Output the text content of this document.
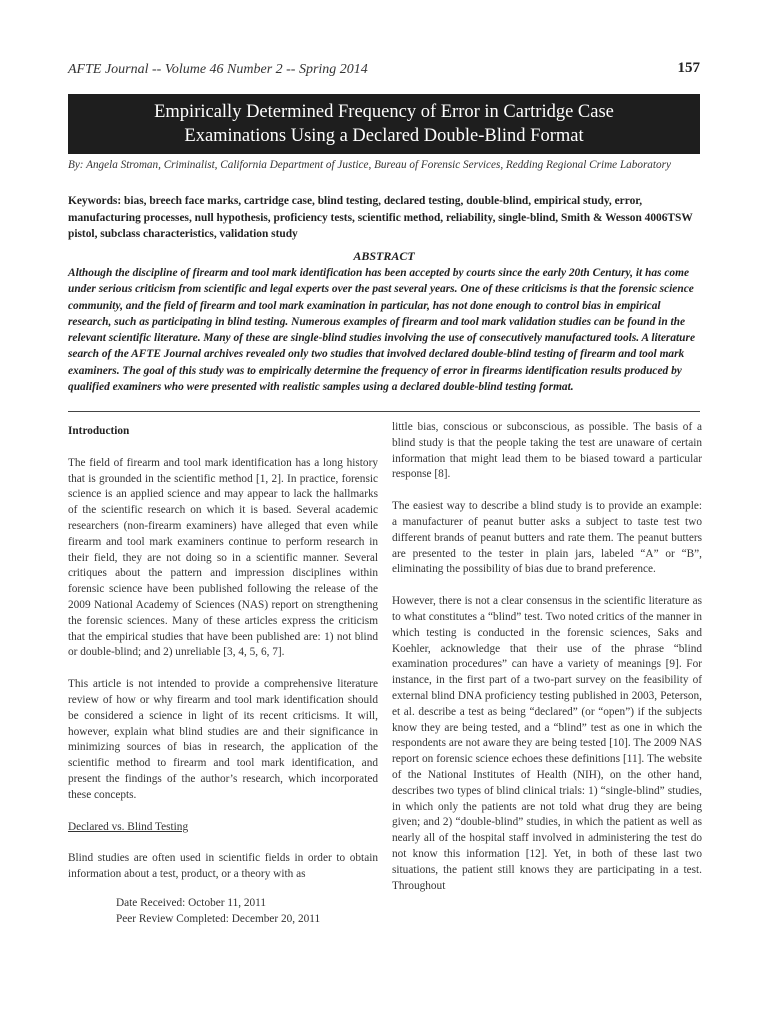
AFTE Journal -- Volume 46 Number 2 -- Spring 2014	157
Empirically Determined Frequency of Error in Cartridge Case
Examinations Using a Declared Double-Blind Format
By: Angela Stroman, Criminalist, California Department of Justice, Bureau of Forensic Services, Redding Regional Crime Laboratory
Keywords: bias, breech face marks, cartridge case, blind testing, declared testing, double-blind, empirical study, error, manufacturing processes, null hypothesis, proficiency tests, scientific method, reliability, single-blind, Smith & Wesson 4006TSW pistol, subclass characteristics, validation study
ABSTRACT
Although the discipline of firearm and tool mark identification has been accepted by courts since the early 20th Century, it has come under serious criticism from scientific and legal experts over the past several years. One of these criticisms is that the forensic science community, and the field of firearm and tool mark examination in particular, has not done enough to control bias in empirical research, such as participating in blind testing. Numerous examples of firearm and tool mark validation studies can be found in the relevant scientific literature. Many of these are single-blind studies involving the use of consecutively manufactured tools. A literature search of the AFTE Journal archives revealed only two studies that involved declared double-blind testing of firearm and tool mark examiners. The goal of this study was to empirically determine the frequency of error in firearms identification results produced by qualified examiners who were presented with realistic samples using a declared double-blind testing format.

Introduction

The field of firearm and tool mark identification has a long history that is grounded in the scientific method [1, 2]. In practice, forensic science is an applied science and may appear to lack the hallmarks of the scientific research on which it is based. Several academic researchers (non-firearm examiners) have alleged that even while firearm and tool mark examiners continue to perform research in their field, they are not doing so in a scientific manner. Several critiques about the pattern and impression disciplines within forensic science have been published following the release of the 2009 National Academy of Sciences (NAS) report on strengthening the forensic sciences. Many of these articles express the criticism that the empirical studies that have been published are: 1) not blind or double-blind; and 2) unreliable [3, 4, 5, 6, 7].

This article is not intended to provide a comprehensive literature review of how or why firearm and tool mark identification should be considered a science in light of its recent criticisms. It will, however, explain what blind studies are and their significance in minimizing sources of bias in research, the application of the scientific method to firearm and tool mark identification, and present the findings of the author’s research, which incorporated these concepts.

Declared vs. Blind Testing

Blind studies are often used in scientific fields in order to obtain information about a test, product, or a theory with as

Date Received: October 11, 2011
Peer Review Completed: December 20, 2011

little bias, conscious or subconscious, as possible. The basis of a blind study is that the people taking the test are unaware of certain information that might lead them to be biased toward a particular response [8].

The easiest way to describe a blind study is to provide an example: a manufacturer of peanut butter asks a subject to taste test two different brands of peanut butters and rate them. The peanut butters are presented to the tester in plain jars, labeled “A” or “B”, eliminating the possibility of bias due to brand preference.

However, there is not a clear consensus in the scientific literature as to what constitutes a “blind” test. Two noted critics of the manner in which testing is conducted in the forensic sciences, Saks and Koehler, acknowledge that their use of the phrase “blind examination procedures” can have a variety of meanings [9]. For instance, in the first part of a two-part survey on the feasibility of external blind DNA proficiency testing published in 2003, Peterson, et al. describe a test as being “declared” (or “open”) if the subjects know they are being tested, and a “blind” test as one in which the respondents are not aware they are being tested [10]. The 2009 NAS report on forensic science echoes these definitions [11]. The website of the National Institutes of Health (NIH), on the other hand, describes two types of blind clinical trials: 1) “single-blind” studies, in which only the patients are not told what drug they are being given; and 2) “double-blind” studies, in which the patient as well as nearly all of the hospital staff involved in administering the test do not know this information [12]. Yet, in both of these last two situations, the patient still knows they are participating in a test. Throughout
